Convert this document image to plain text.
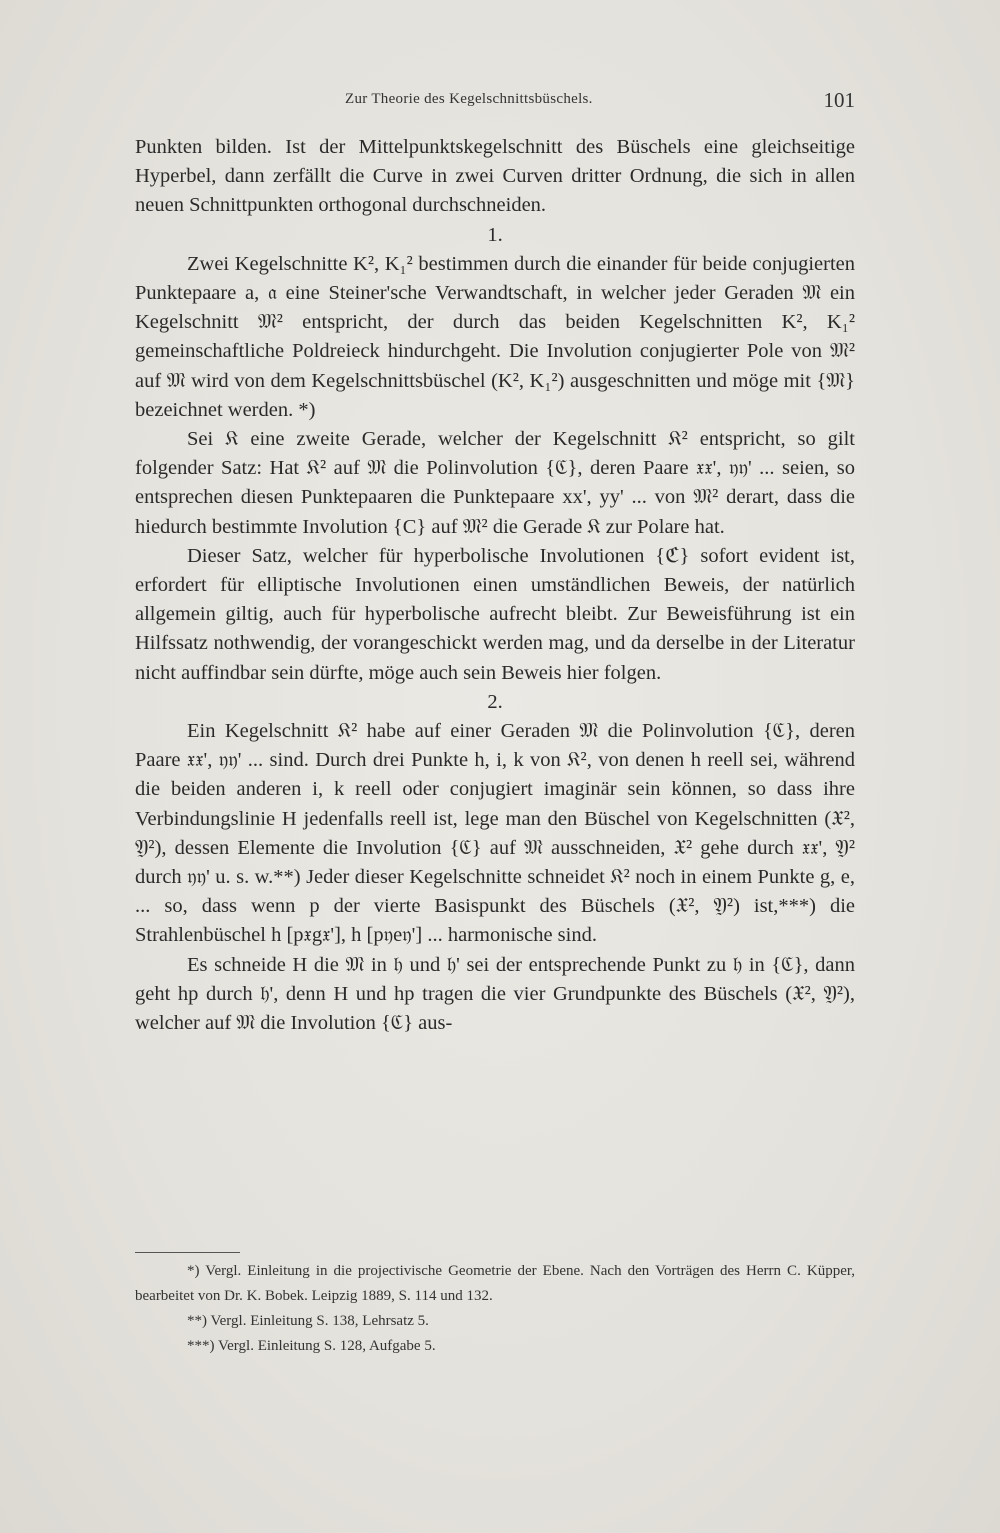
Zur Theorie des Kegelschnittsbüschels.	101

Punkten bilden. Ist der Mittelpunktskegelschnitt des Büschels eine gleichseitige Hyperbel, dann zerfällt die Curve in zwei Curven dritter Ordnung, die sich in allen neuen Schnittpunkten orthogonal durchschneiden.

1.

Zwei Kegelschnitte K², K₁² bestimmen durch die einander für beide conjugierten Punktepaare a, 𝔞 eine Steiner'sche Verwandtschaft, in welcher jeder Geraden 𝔐 ein Kegelschnitt 𝔐² entspricht, der durch das beiden Kegelschnitten K², K₁² gemeinschaftliche Poldreieck hindurchgeht. Die Involution conjugierter Pole von 𝔐² auf 𝔐 wird von dem Kegelschnittsbüschel (K², K₁²) ausgeschnitten und möge mit {𝔐} bezeichnet werden. *)

Sei 𝔎 eine zweite Gerade, welcher der Kegelschnitt 𝔎² entspricht, so gilt folgender Satz: Hat 𝔎² auf 𝔐 die Polinvolution {ℭ}, deren Paare 𝔵𝔵', 𝔶𝔶' ... seien, so entsprechen diesen Punktepaaren die Punktepaare xx', yy' ... von 𝔐² derart, dass die hiedurch bestimmte Involution {C} auf 𝔐² die Gerade 𝔎 zur Polare hat.

Dieser Satz, welcher für hyperbolische Involutionen {ℭ} sofort evident ist, erfordert für elliptische Involutionen einen umständlichen Beweis, der natürlich allgemein giltig, auch für hyperbolische aufrecht bleibt. Zur Beweisführung ist ein Hilfssatz nothwendig, der vorangeschickt werden mag, und da derselbe in der Literatur nicht auffindbar sein dürfte, möge auch sein Beweis hier folgen.

2.

Ein Kegelschnitt 𝔎² habe auf einer Geraden 𝔐 die Polinvolution {ℭ}, deren Paare 𝔵𝔵', 𝔶𝔶' ... sind. Durch drei Punkte h, i, k von 𝔎², von denen h reell sei, während die beiden anderen i, k reell oder conjugiert imaginär sein können, so dass ihre Verbindungslinie H jedenfalls reell ist, lege man den Büschel von Kegelschnitten (𝔛², 𝔜²), dessen Elemente die Involution {ℭ} auf 𝔐 ausschneiden, 𝔛² gehe durch 𝔵𝔵', 𝔜² durch 𝔶𝔶' u. s. w.**) Jeder dieser Kegelschnitte schneidet 𝔎² noch in einem Punkte g, e, ... so, dass wenn p der vierte Basispunkt des Büschels (𝔛², 𝔜²) ist,***) die Strahlenbüschel h [p𝔵g𝔵'], h [p𝔶e𝔶'] ... harmonische sind.

Es schneide H die 𝔐 in 𝔥 und 𝔥' sei der entsprechende Punkt zu 𝔥 in {ℭ}, dann geht hp durch 𝔥', denn H und hp tragen die vier Grundpunkte des Büschels (𝔛², 𝔜²), welcher auf 𝔐 die Involution {ℭ} aus-

*) Vergl. Einleitung in die projectivische Geometrie der Ebene. Nach den Vorträgen des Herrn C. Küpper, bearbeitet von Dr. K. Bobek. Leipzig 1889, S. 114 und 132.

**) Vergl. Einleitung S. 138, Lehrsatz 5.

***) Vergl. Einleitung S. 128, Aufgabe 5.
